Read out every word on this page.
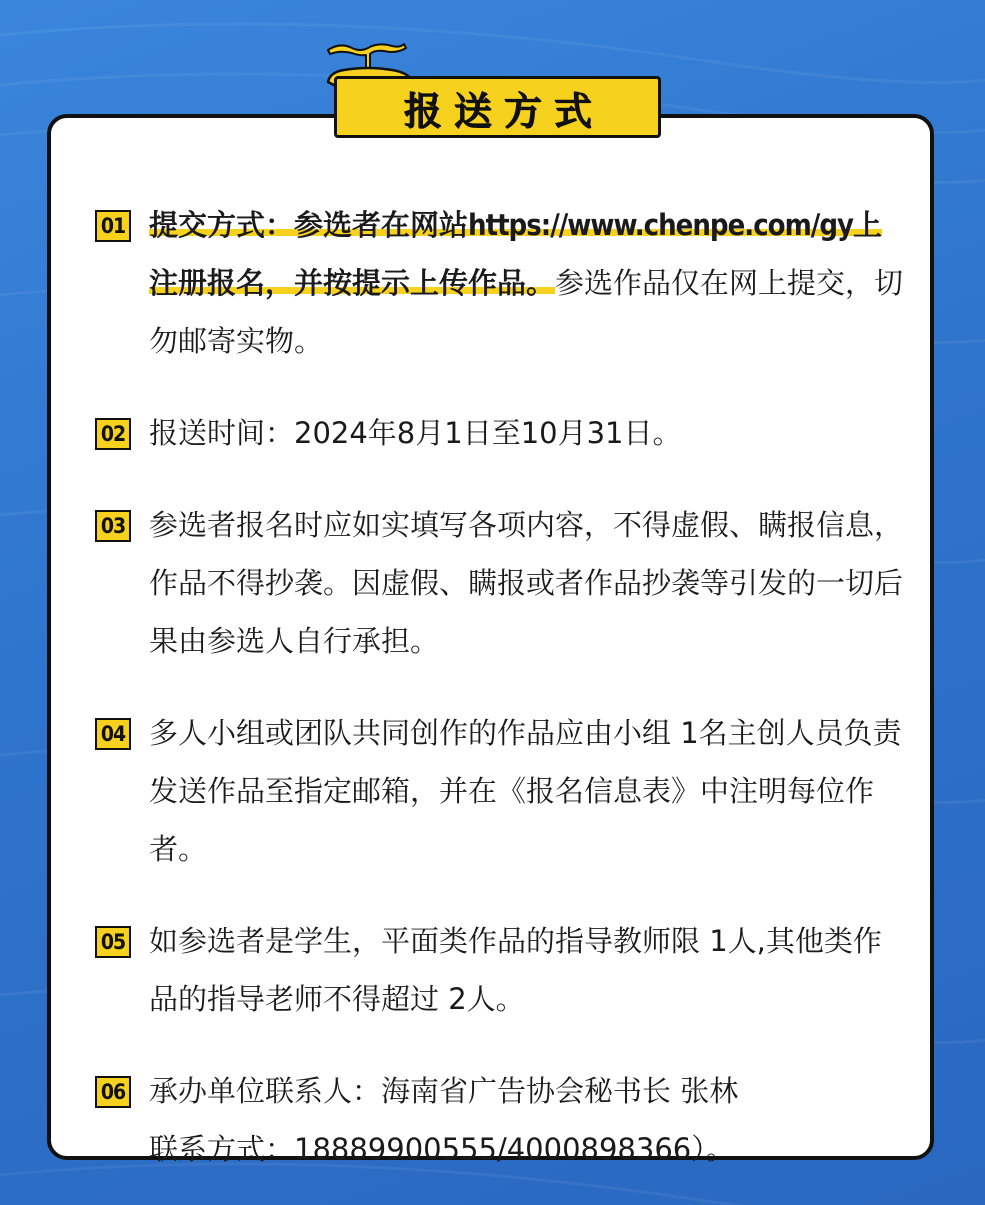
01 提交方式：参选者在网站https://www.chenpe.com/gy上注册报名，并按提示上传作品。参选作品仅在网上提交，切勿邮寄实物。
02 报送时间：2024年8月1日至10月31日。
03 参选者报名时应如实填写各项内容，不得虚假、瞒报信息，作品不得抄袭。因虚假、瞒报或者作品抄袭等引发的一切后果由参选人自行承担。
04 多人小组或团队共同创作的作品应由小组 1名主创人员负责发送作品至指定邮箱，并在《报名信息表》中注明每位作者。
05 如参选者是学生，平面类作品的指导教师限 1人,其他类作品的指导老师不得超过 2人。
06 承办单位联系人：海南省广告协会秘书长 张林
联系方式：18889900555/4000898366）。
报送方式
